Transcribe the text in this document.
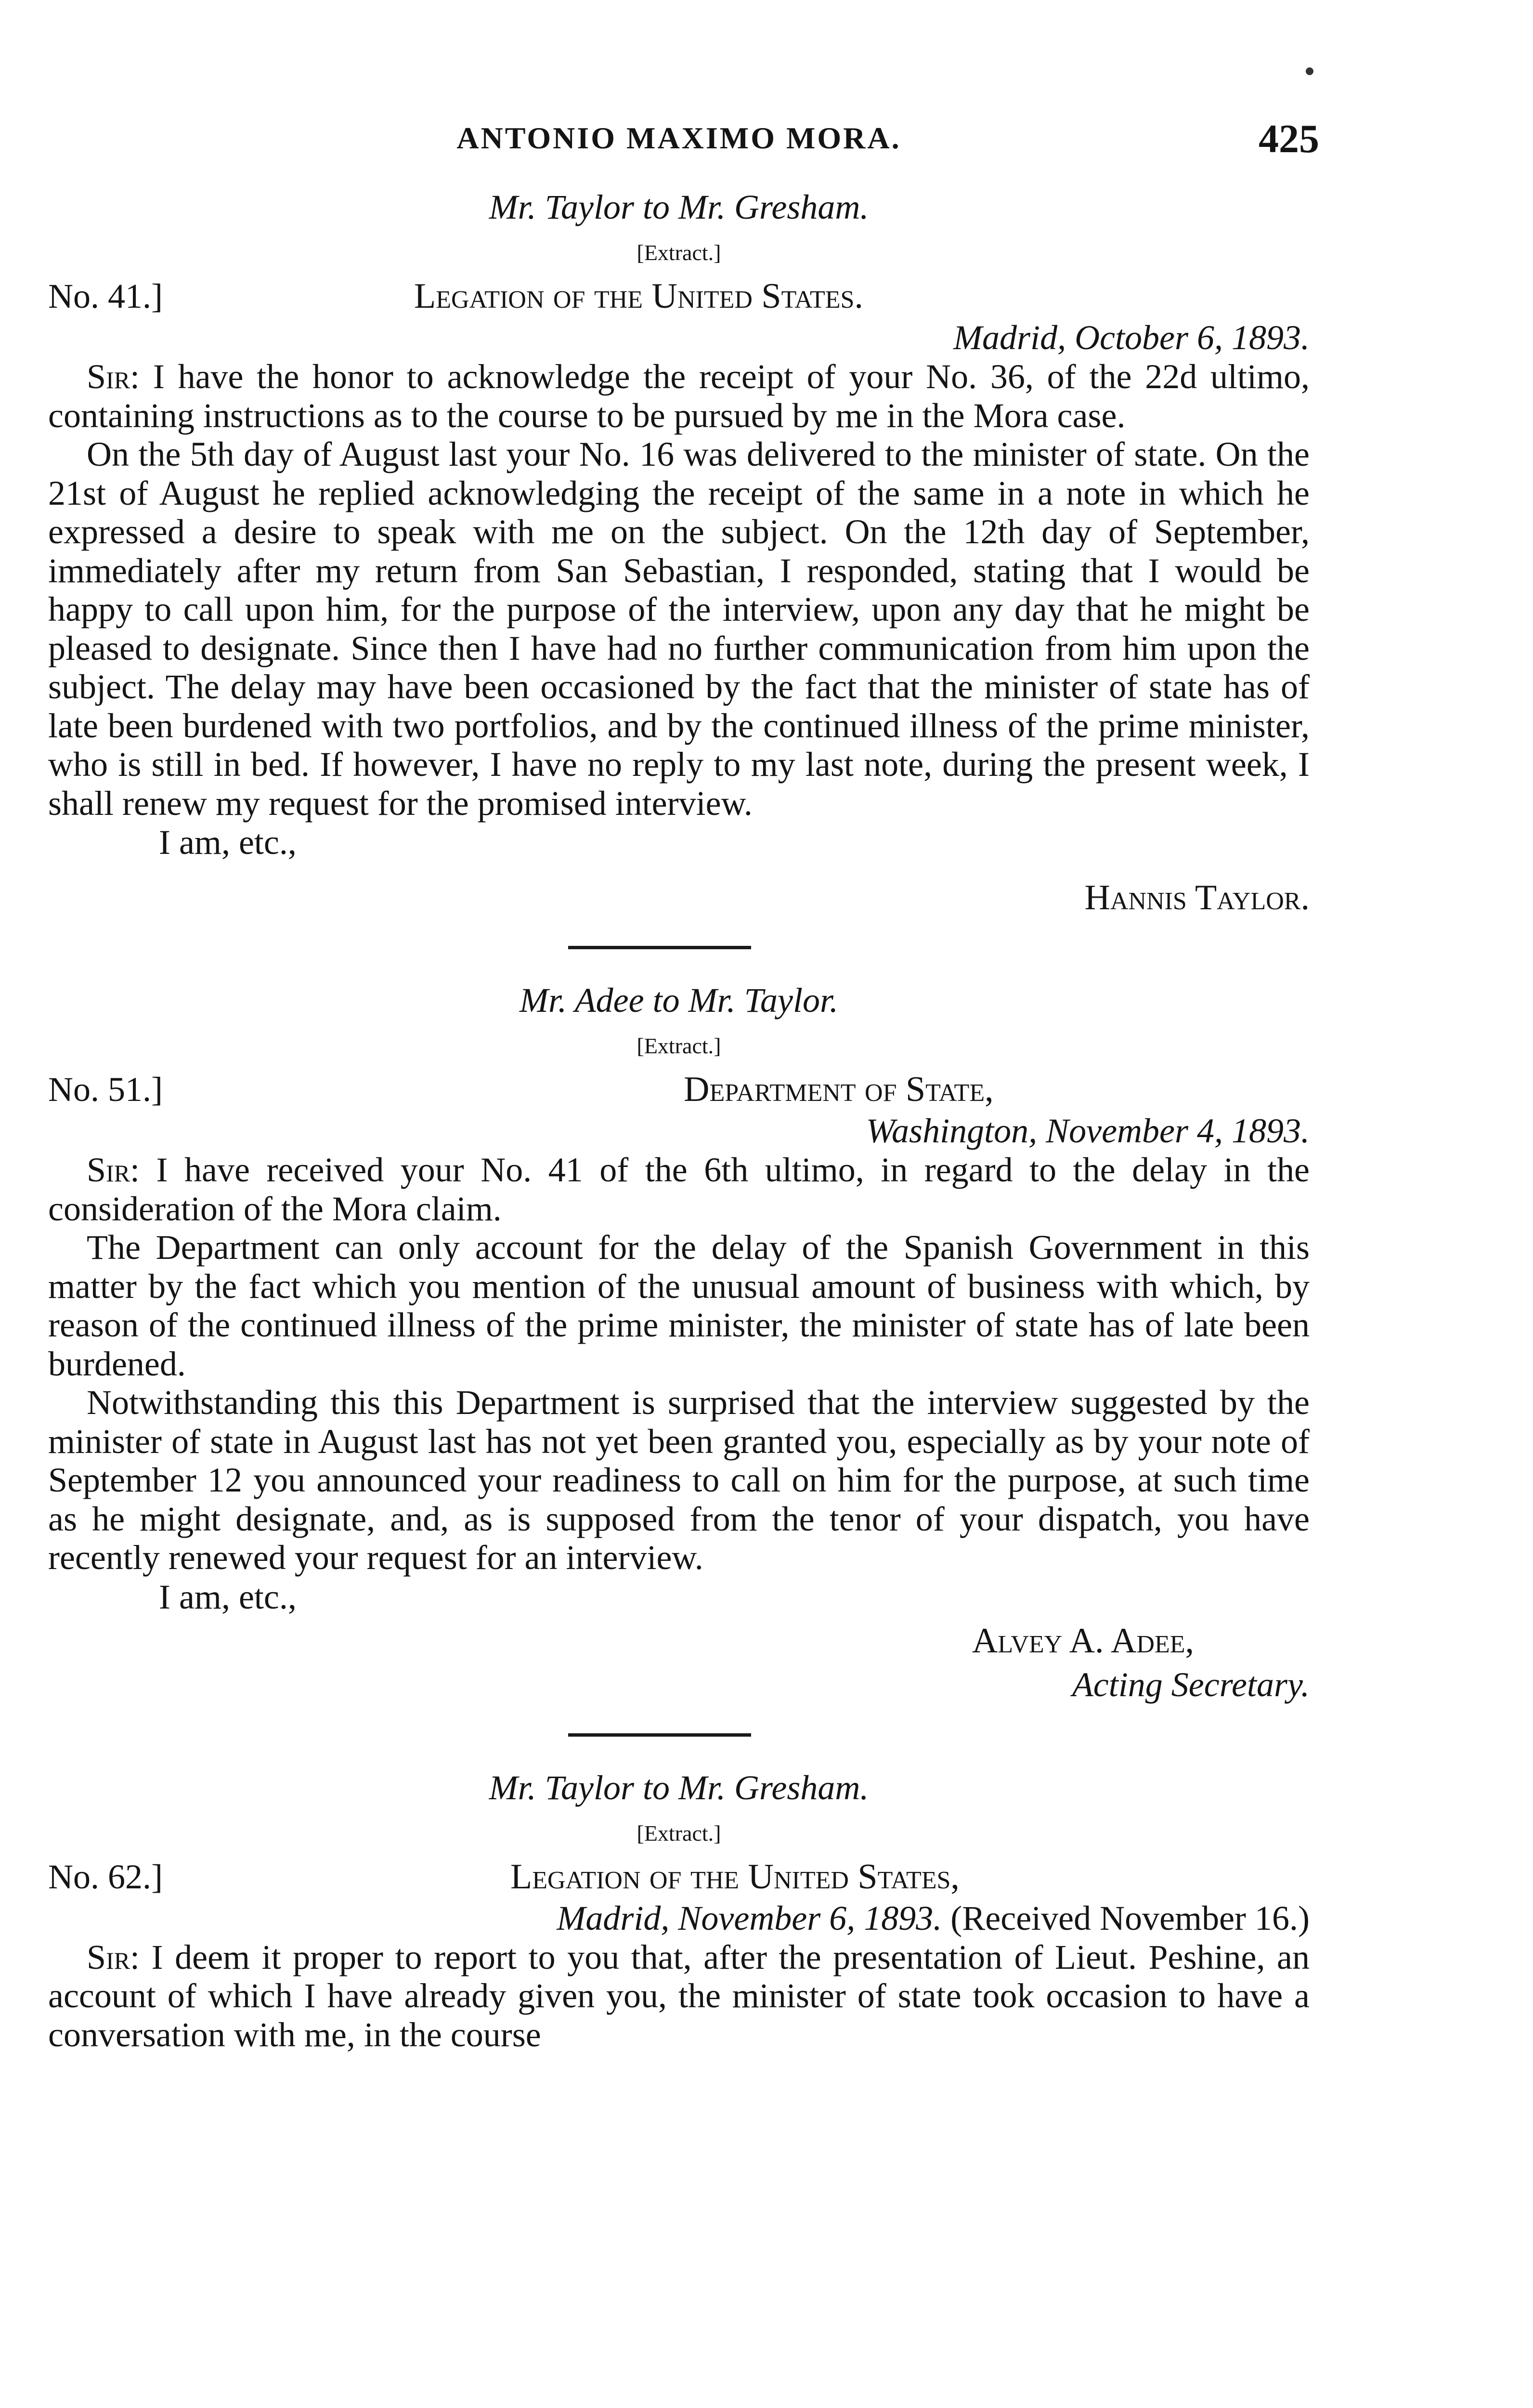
ANTONIO MAXIMO MORA.	425

Mr. Taylor to Mr. Gresham.

[Extract.]

No. 41.]	Legation of the United States.

Madrid, October 6, 1893.

Sir: I have the honor to acknowledge the receipt of your No. 36, of the 22d ultimo, containing instructions as to the course to be pursued by me in the Mora case.

On the 5th day of August last your No. 16 was delivered to the minister of state. On the 21st of August he replied acknowledging the receipt of the same in a note in which he expressed a desire to speak with me on the subject. On the 12th day of September, immediately after my return from San Sebastian, I responded, stating that I would be happy to call upon him, for the purpose of the interview, upon any day that he might be pleased to designate. Since then I have had no further communication from him upon the subject. The delay may have been occasioned by the fact that the minister of state has of late been burdened with two portfolios, and by the continued illness of the prime minister, who is still in bed. If however, I have no reply to my last note, during the present week, I shall renew my request for the promised interview.

I am, etc.,

Hannis Taylor.

Mr. Adee to Mr. Taylor.

[Extract.]

No. 51.]	Department of State,

Washington, November 4, 1893.

Sir: I have received your No. 41 of the 6th ultimo, in regard to the delay in the consideration of the Mora claim.

The Department can only account for the delay of the Spanish Government in this matter by the fact which you mention of the unusual amount of business with which, by reason of the continued illness of the prime minister, the minister of state has of late been burdened.

Notwithstanding this this Department is surprised that the interview suggested by the minister of state in August last has not yet been granted you, especially as by your note of September 12 you announced your readiness to call on him for the purpose, at such time as he might designate, and, as is supposed from the tenor of your dispatch, you have recently renewed your request for an interview.

I am, etc.,

Alvey A. Adee,

Acting Secretary.

Mr. Taylor to Mr. Gresham.

[Extract.]

No. 62.]	Legation of the United States,

Madrid, November 6, 1893. (Received November 16.)

Sir: I deem it proper to report to you that, after the presentation of Lieut. Peshine, an account of which I have already given you, the minister of state took occasion to have a conversation with me, in the course
